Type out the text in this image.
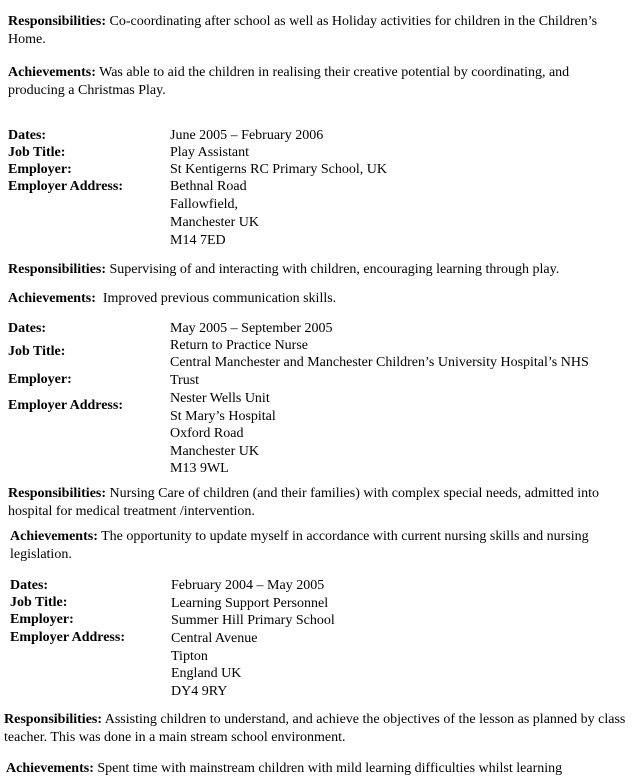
Responsibilities: Co-coordinating after school as well as Holiday activities for children in the Children’s Home.

Achievements: Was able to aid the children in realising their creative potential by coordinating, and producing a Christmas Play.

Dates:	June 2005 – February 2006
Job Title:	Play Assistant
Employer:	St Kentigerns RC Primary School, UK
Employer Address:	Bethnal Road
Fallowfield,
Manchester UK
M14 7ED

Responsibilities: Supervising of and interacting with children, encouraging learning through play.

Achievements:  Improved previous communication skills.

Dates:	May 2005 – September 2005
Job Title:	Return to Practice Nurse
Central Manchester and Manchester Children’s University Hospital’s NHS
Employer:	Trust
Employer Address:	Nester Wells Unit
St Mary’s Hospital
Oxford Road
Manchester UK
M13 9WL

Responsibilities: Nursing Care of children (and their families) with complex special needs, admitted into hospital for medical treatment /intervention.

Achievements: The opportunity to update myself in accordance with current nursing skills and nursing legislation.

Dates:	February 2004 – May 2005
Job Title:	Learning Support Personnel
Employer:	Summer Hill Primary School
Employer Address:	Central Avenue
Tipton
England UK
DY4 9RY

Responsibilities: Assisting children to understand, and achieve the objectives of the lesson as planned by class teacher. This was done in a main stream school environment.

Achievements: Spent time with mainstream children with mild learning difficulties whilst learning
